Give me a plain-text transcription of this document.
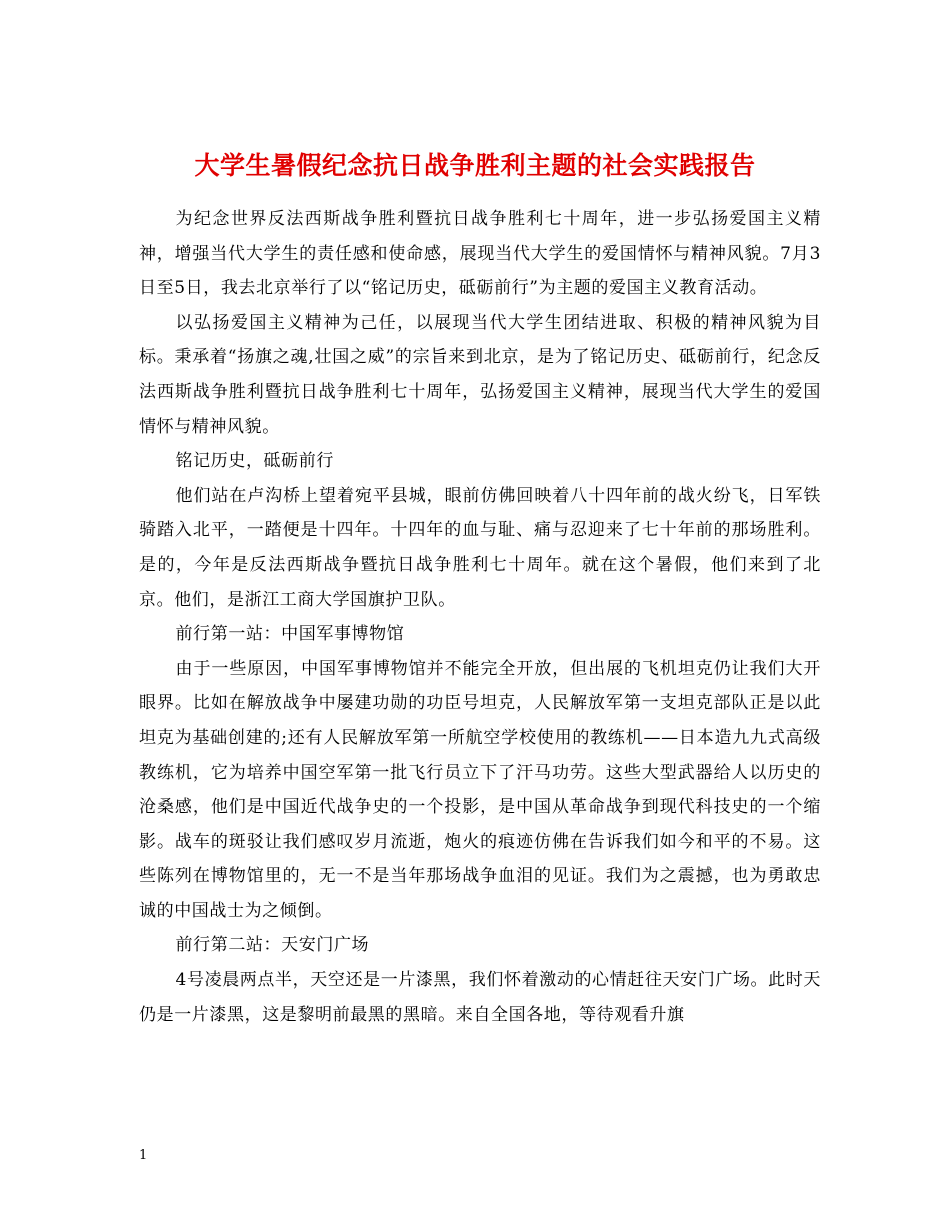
大学生暑假纪念抗日战争胜利主题的社会实践报告

为纪念世界反法西斯战争胜利暨抗日战争胜利七十周年，进一步弘扬爱国主义精神，增强当代大学生的责任感和使命感，展现当代大学生的爱国情怀与精神风貌。7月3日至5日，我去北京举行了以“铭记历史，砥砺前行”为主题的爱国主义教育活动。

以弘扬爱国主义精神为己任，以展现当代大学生团结进取、积极的精神风貌为目标。秉承着“扬旗之魂,壮国之威”的宗旨来到北京，是为了铭记历史、砥砺前行，纪念反法西斯战争胜利暨抗日战争胜利七十周年，弘扬爱国主义精神，展现当代大学生的爱国情怀与精神风貌。

铭记历史，砥砺前行

他们站在卢沟桥上望着宛平县城，眼前仿佛回映着八十四年前的战火纷飞，日军铁骑踏入北平，一踏便是十四年。十四年的血与耻、痛与忍迎来了七十年前的那场胜利。是的，今年是反法西斯战争暨抗日战争胜利七十周年。就在这个暑假，他们来到了北京。他们，是浙江工商大学国旗护卫队。

前行第一站：中国军事博物馆

由于一些原因，中国军事博物馆并不能完全开放，但出展的飞机坦克仍让我们大开眼界。比如在解放战争中屡建功勋的功臣号坦克，人民解放军第一支坦克部队正是以此坦克为基础创建的;还有人民解放军第一所航空学校使用的教练机——日本造九九式高级教练机，它为培养中国空军第一批飞行员立下了汗马功劳。这些大型武器给人以历史的沧桑感，他们是中国近代战争史的一个投影，是中国从革命战争到现代科技史的一个缩影。战车的斑驳让我们感叹岁月流逝，炮火的痕迹仿佛在告诉我们如今和平的不易。这些陈列在博物馆里的，无一不是当年那场战争血泪的见证。我们为之震撼，也为勇敢忠诚的中国战士为之倾倒。

前行第二站：天安门广场

4号凌晨两点半，天空还是一片漆黑，我们怀着激动的心情赶往天安门广场。此时天仍是一片漆黑，这是黎明前最黑的黑暗。来自全国各地，等待观看升旗

1
